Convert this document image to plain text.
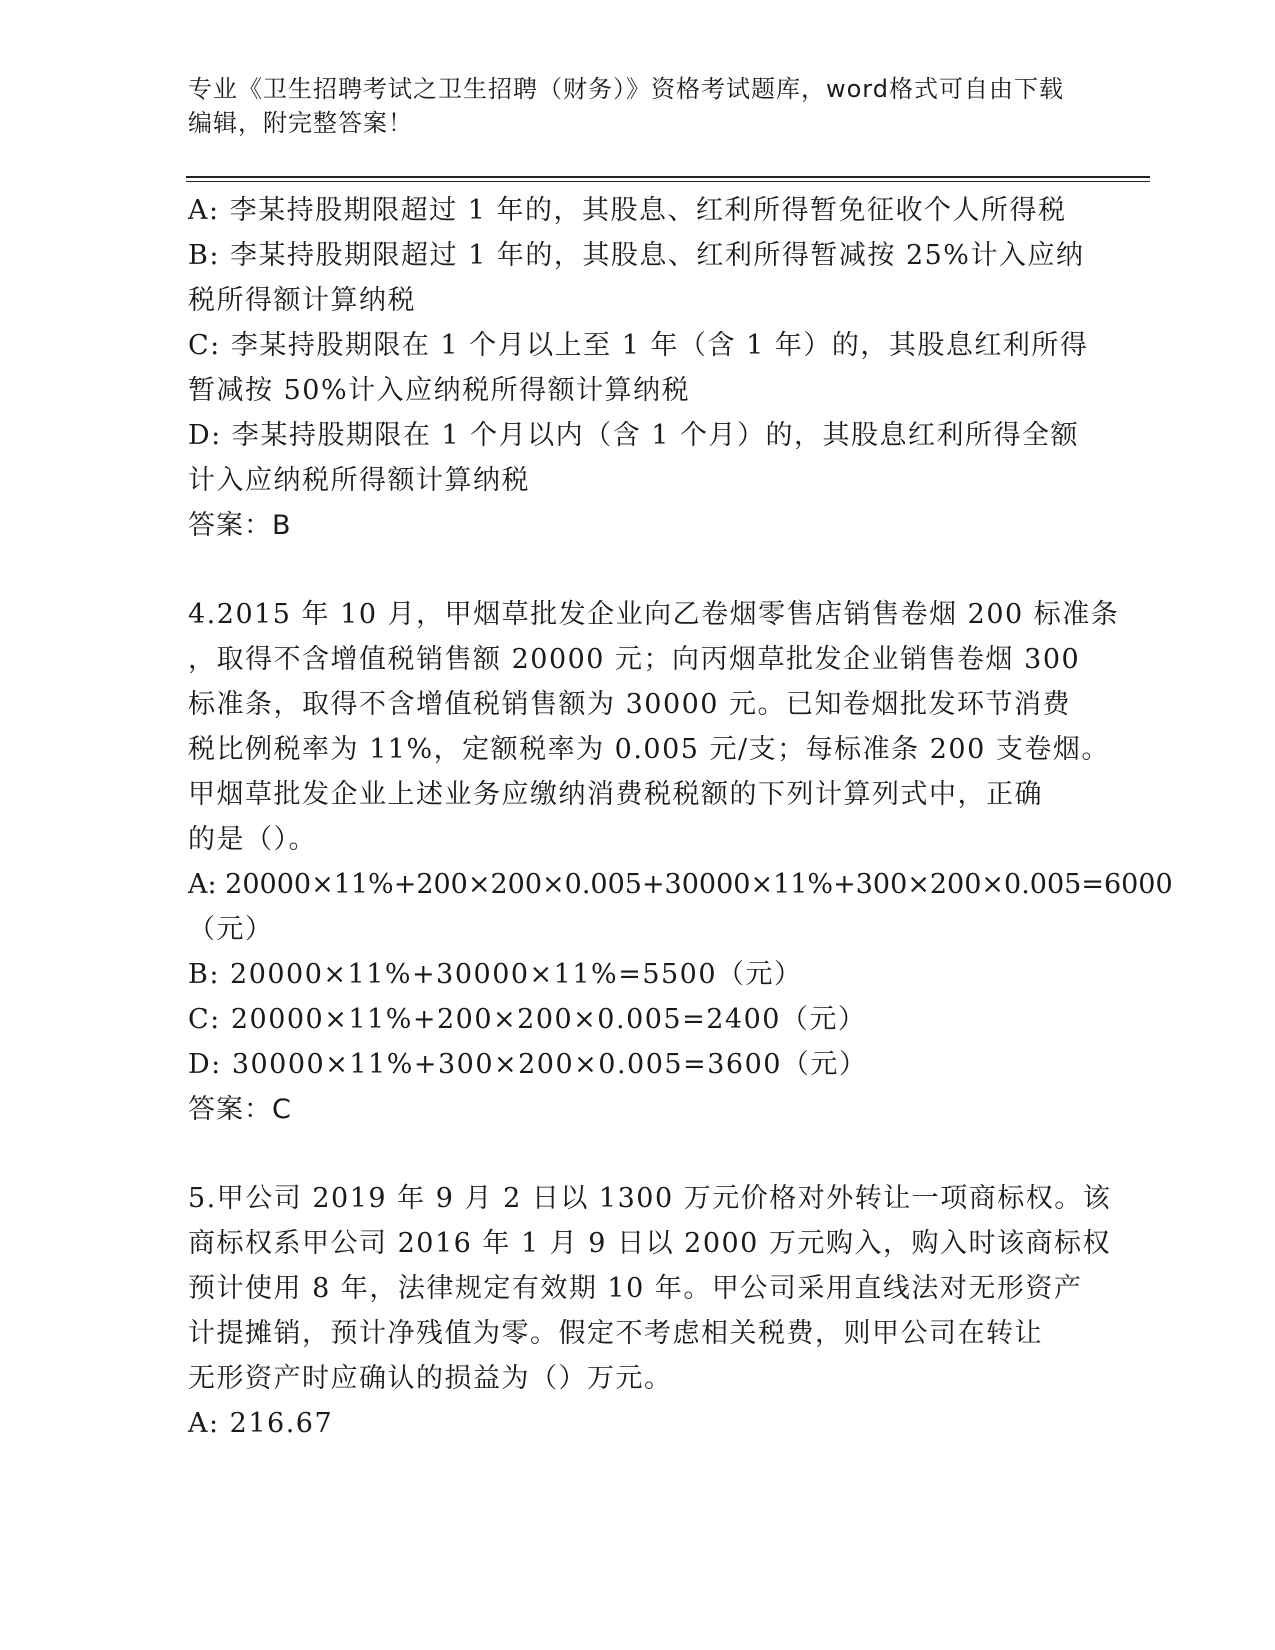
专业《卫生招聘考试之卫生招聘（财务）》资格考试题库，word格式可自由下载
编辑，附完整答案！
A: 李某持股期限超过 1 年的，其股息、红利所得暂免征收个人所得税
B: 李某持股期限超过 1 年的，其股息、红利所得暂减按 25%计入应纳
税所得额计算纳税
C: 李某持股期限在 1 个月以上至 1 年（含 1 年）的，其股息红利所得
暂减按 50%计入应纳税所得额计算纳税
D: 李某持股期限在 1 个月以内（含 1 个月）的，其股息红利所得全额
计入应纳税所得额计算纳税
答案：B
4.2015 年 10 月，甲烟草批发企业向乙卷烟零售店销售卷烟 200 标准条
，取得不含增值税销售额 20000 元；向丙烟草批发企业销售卷烟 300
标准条，取得不含增值税销售额为 30000 元。已知卷烟批发环节消费
税比例税率为 11%，定额税率为 0.005 元/支；每标准条 200 支卷烟。
甲烟草批发企业上述业务应缴纳消费税税额的下列计算列式中，正确
的是（）。
A: 20000×11%+200×200×0.005+30000×11%+300×200×0.005=6000
（元）
B: 20000×11%+30000×11%=5500（元）
C: 20000×11%+200×200×0.005=2400（元）
D: 30000×11%+300×200×0.005=3600（元）
答案：C
5.甲公司 2019 年 9 月 2 日以 1300 万元价格对外转让一项商标权。该
商标权系甲公司 2016 年 1 月 9 日以 2000 万元购入，购入时该商标权
预计使用 8 年，法律规定有效期 10 年。甲公司采用直线法对无形资产
计提摊销，预计净残值为零。假定不考虑相关税费，则甲公司在转让
无形资产时应确认的损益为（）万元。
A: 216.67
